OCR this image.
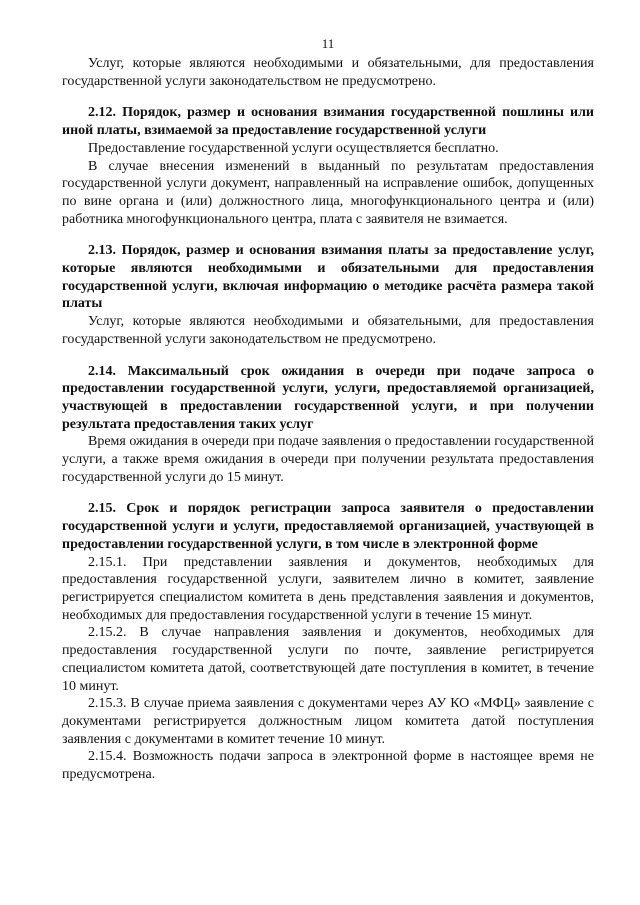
11

Услуг, которые являются необходимыми и обязательными, для предоставления государственной услуги законодательством не предусмотрено.

2.12. Порядок, размер и основания взимания государственной пошлины или иной платы, взимаемой за предоставление государственной услуги

Предоставление государственной услуги осуществляется бесплатно.

В случае внесения изменений в выданный по результатам предоставления государственной услуги документ, направленный на исправление ошибок, допущенных по вине органа и (или) должностного лица, многофункционального центра и (или) работника многофункционального центра, плата с заявителя не взимается.

2.13. Порядок, размер и основания взимания платы за предоставление услуг, которые являются необходимыми и обязательными для предоставления государственной услуги, включая информацию о методике расчёта размера такой платы

Услуг, которые являются необходимыми и обязательными, для предоставления государственной услуги законодательством не предусмотрено.

2.14. Максимальный срок ожидания в очереди при подаче запроса о предоставлении государственной услуги, услуги, предоставляемой организацией, участвующей в предоставлении государственной услуги, и при получении результата предоставления таких услуг

Время ожидания в очереди при подаче заявления о предоставлении государственной услуги, а также время ожидания в очереди при получении результата предоставления государственной услуги до 15 минут.

2.15. Срок и порядок регистрации запроса заявителя о предоставлении государственной услуги и услуги, предоставляемой организацией, участвующей в предоставлении государственной услуги, в том числе в электронной форме

2.15.1. При представлении заявления и документов, необходимых для предоставления государственной услуги, заявителем лично в комитет, заявление регистрируется специалистом комитета в день представления заявления и документов, необходимых для предоставления государственной услуги в течение 15 минут.

2.15.2. В случае направления заявления и документов, необходимых для предоставления государственной услуги по почте, заявление регистрируется специалистом комитета датой, соответствующей дате поступления в комитет, в течение 10 минут.

2.15.3. В случае приема заявления с документами через АУ КО «МФЦ» заявление с документами регистрируется должностным лицом комитета датой поступления заявления с документами в комитет течение 10 минут.

2.15.4. Возможность подачи запроса в электронной форме в настоящее время не предусмотрена.
